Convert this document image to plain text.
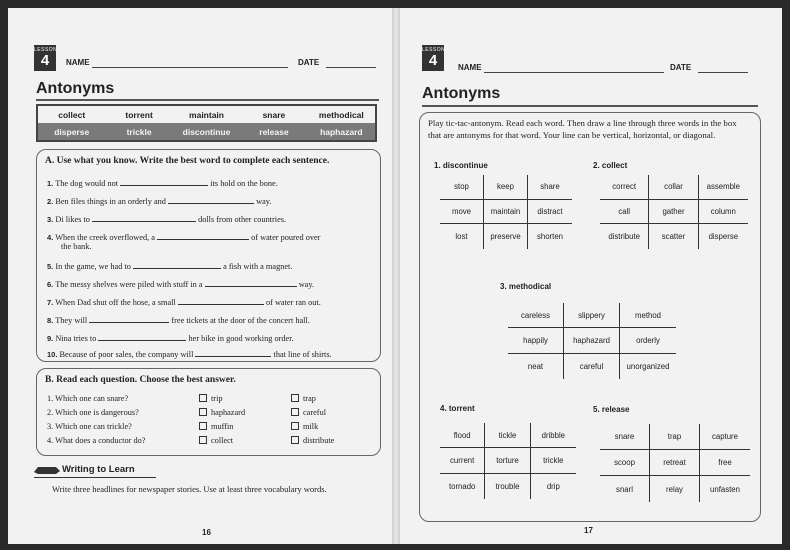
LESSON
4	NAME	DATE
Antonyms
collect	torrent	maintain	snare	methodical
disperse	trickle	discontinue	release	haphazard
A. Use what you know. Write the best word to complete each sentence.
1. The dog would not	its hold on the bone.
2. Ben files things in an orderly and	way.
3. Di likes to	dolls from other countries.
4. When the creek overflowed, a	of water poured over
the bank.
5. In the game, we had to	a fish with a magnet.
6. The messy shelves were piled with stuff in a	way.
7. When Dad shut off the hose, a small	of water ran out.
8. They will	free tickets at the door of the concert hall.
9. Nina tries to	her bike in good working order.
10. Because of poor sales, the company will	that line of shirts.
B. Read each question. Choose the best answer.
1. Which one can snare?	trip	trap
2. Which one is dangerous?	haphazard	careful
3. Which one can trickle?	muffin	milk
4. What does a conductor do?	collect	distribute
Writing to Learn
Write three headlines for newspaper stories. Use at least three vocabulary words.
16
LESSON
4	NAME	DATE
Antonyms
Play tic-tac-antonym. Read each word. Then draw a line through three words in the box that are antonyms for that word. Your line can be vertical, horizontal, or diagonal.
1. discontinue
stop	keep	share
move	maintain	distract
lost	preserve	shorten
2. collect
correct	collar	assemble
call	gather	column
distribute	scatter	disperse
3. methodical
careless	slippery	method
happily	haphazard	orderly
neat	careful	unorganized
4. torrent
flood	tickle	dribble
current	torture	trickle
tornado	trouble	drip
5. release
snare	trap	capture
scoop	retreat	free
snarl	relay	unfasten
17
